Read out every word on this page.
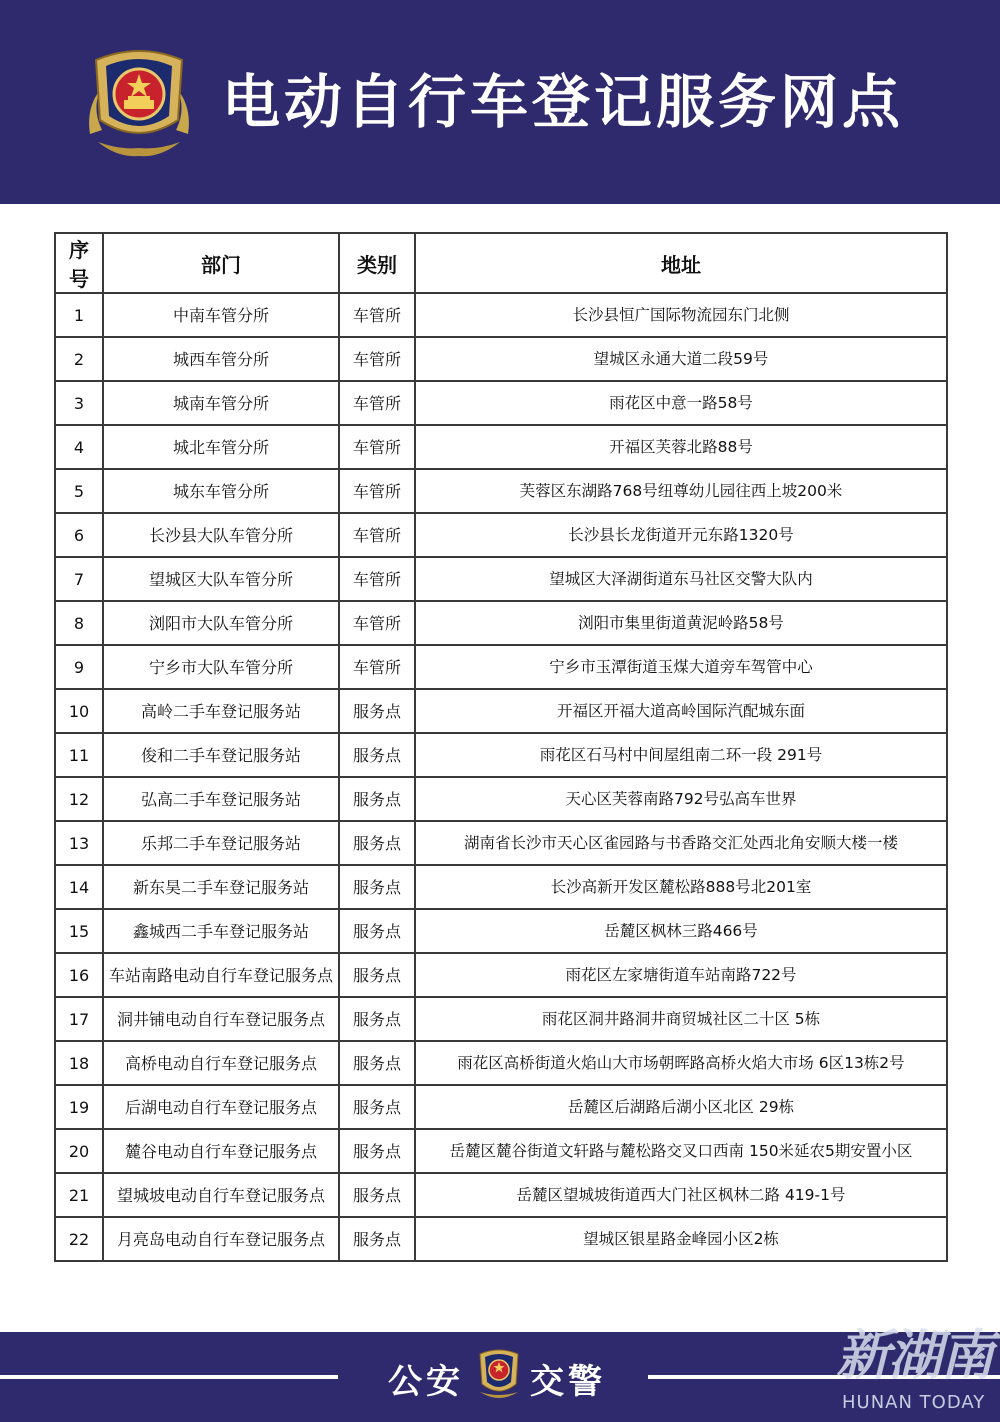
电动自行车登记服务网点
序号	部门	类别	地址
1	中南车管分所	车管所	长沙县恒广国际物流园东门北侧
2	城西车管分所	车管所	望城区永通大道二段59号
3	城南车管分所	车管所	雨花区中意一路58号
4	城北车管分所	车管所	开福区芙蓉北路88号
5	城东车管分所	车管所	芙蓉区东湖路768号纽尊幼儿园往西上坡200米
6	长沙县大队车管分所	车管所	长沙县长龙街道开元东路1320号
7	望城区大队车管分所	车管所	望城区大泽湖街道东马社区交警大队内
8	浏阳市大队车管分所	车管所	浏阳市集里街道黄泥岭路58号
9	宁乡市大队车管分所	车管所	宁乡市玉潭街道玉煤大道旁车驾管中心
10	高岭二手车登记服务站	服务点	开福区开福大道高岭国际汽配城东面
11	俊和二手车登记服务站	服务点	雨花区石马村中间屋组南二环一段 291号
12	弘高二手车登记服务站	服务点	天心区芙蓉南路792号弘高车世界
13	乐邦二手车登记服务站	服务点	湖南省长沙市天心区雀园路与书香路交汇处西北角安顺大楼一楼
14	新东昊二手车登记服务站	服务点	长沙高新开发区麓松路888号北201室
15	鑫城西二手车登记服务站	服务点	岳麓区枫林三路466号
16	车站南路电动自行车登记服务点	服务点	雨花区左家塘街道车站南路722号
17	洞井铺电动自行车登记服务点	服务点	雨花区洞井路洞井商贸城社区二十区 5栋
18	高桥电动自行车登记服务点	服务点	雨花区高桥街道火焰山大市场朝晖路高桥火焰大市场 6区13栋2号
19	后湖电动自行车登记服务点	服务点	岳麓区后湖路后湖小区北区 29栋
20	麓谷电动自行车登记服务点	服务点	岳麓区麓谷街道文轩路与麓松路交叉口西南 150米延农5期安置小区
21	望城坡电动自行车登记服务点	服务点	岳麓区望城坡街道西大门社区枫林二路 419-1号
22	月亮岛电动自行车登记服务点	服务点	望城区银星路金峰园小区2栋
公安 交警	新湖南
HUNAN TODAY
